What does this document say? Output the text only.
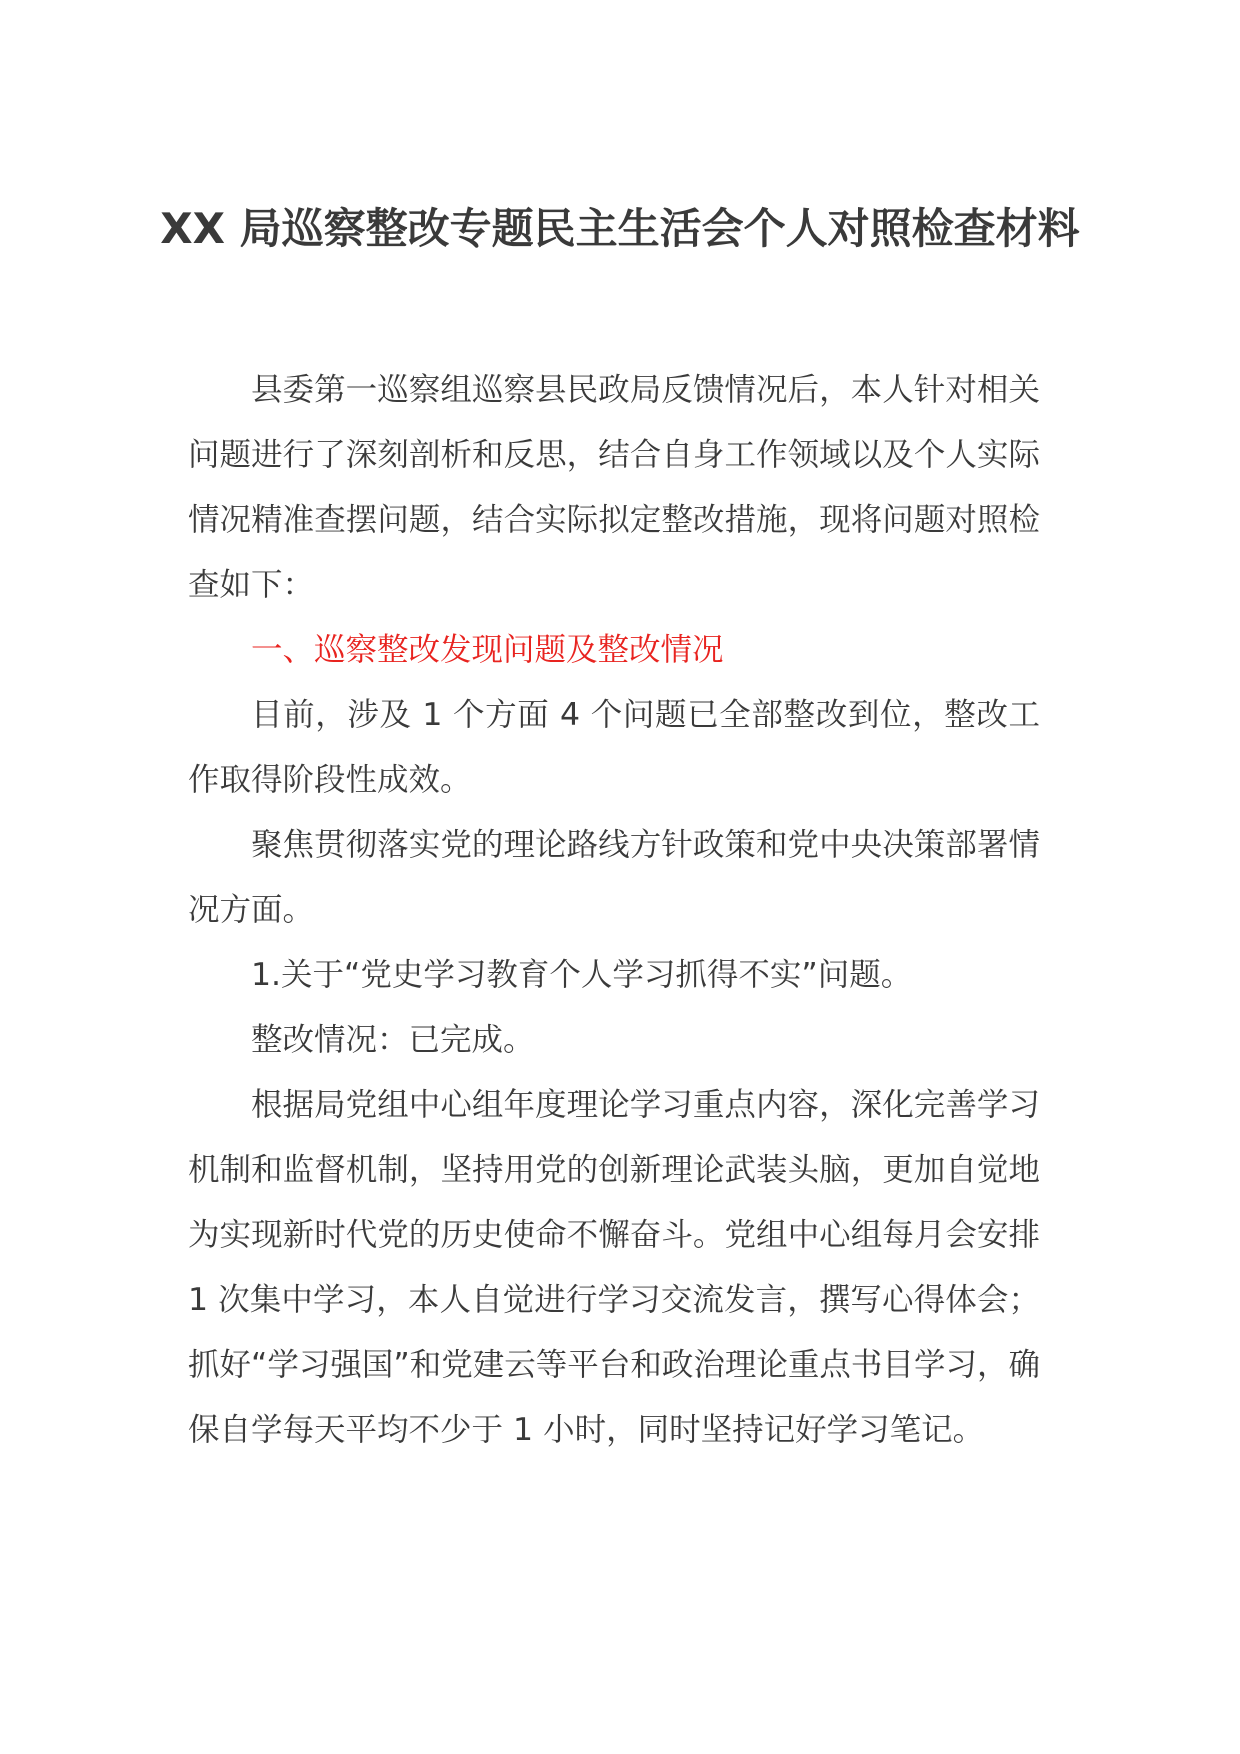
XX 局巡察整改专题民主生活会个人对照检查材料

县委第一巡察组巡察县民政局反馈情况后，本人针对相关问题进行了深刻剖析和反思，结合自身工作领域以及个人实际情况精准查摆问题，结合实际拟定整改措施，现将问题对照检查如下：

一、巡察整改发现问题及整改情况

目前，涉及 1 个方面 4 个问题已全部整改到位，整改工作取得阶段性成效。

聚焦贯彻落实党的理论路线方针政策和党中央决策部署情况方面。

1.关于“党史学习教育个人学习抓得不实”问题。

整改情况：已完成。

根据局党组中心组年度理论学习重点内容，深化完善学习机制和监督机制，坚持用党的创新理论武装头脑，更加自觉地为实现新时代党的历史使命不懈奋斗。党组中心组每月会安排 1 次集中学习，本人自觉进行学习交流发言，撰写心得体会；抓好“学习强国”和党建云等平台和政治理论重点书目学习，确保自学每天平均不少于 1 小时，同时坚持记好学习笔记。
